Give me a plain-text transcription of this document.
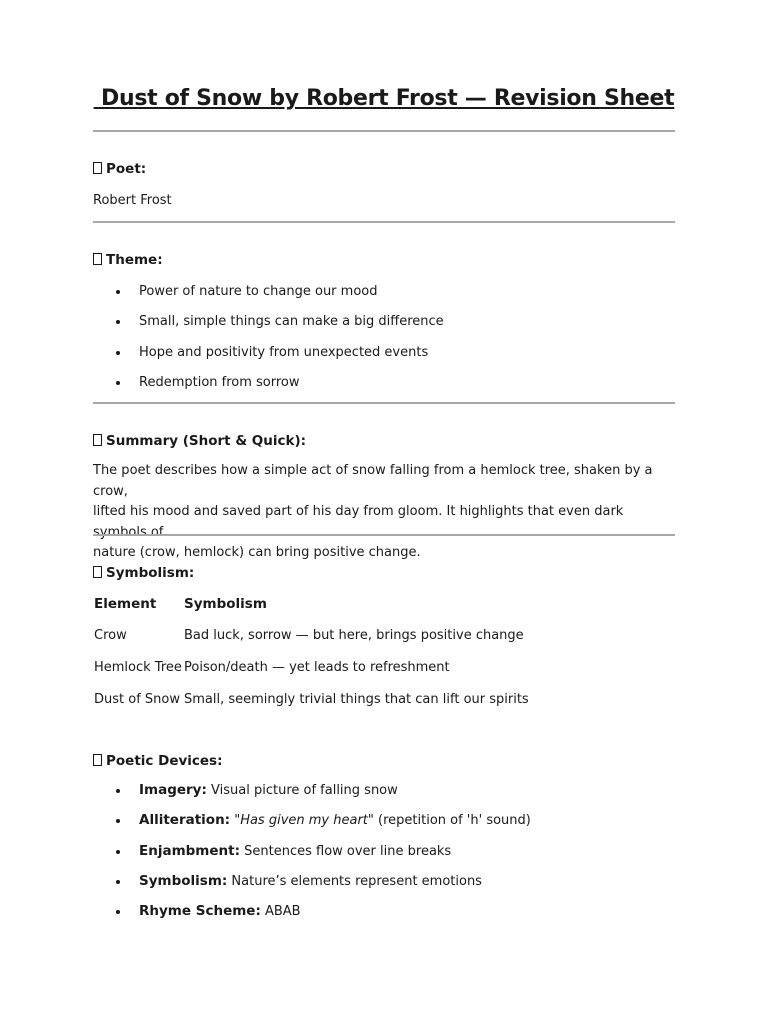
Dust of Snow by Robert Frost — Revision Sheet
Poet:
Robert Frost
Theme:
Power of nature to change our mood
Small, simple things can make a big difference
Hope and positivity from unexpected events
Redemption from sorrow
Summary (Short & Quick):
The poet describes how a simple act of snow falling from a hemlock tree, shaken by a crow,
lifted his mood and saved part of his day from gloom. It highlights that even dark symbols of
nature (crow, hemlock) can bring positive change.
Symbolism:
Element Symbolism
Crow	Bad luck, sorrow — but here, brings positive change
Hemlock Tree Poison/death — yet leads to refreshment
Dust of Snow Small, seemingly trivial things that can lift our spirits
Poetic Devices:
Imagery: Visual picture of falling snow
Alliteration: "Has given my heart" (repetition of 'h' sound)
Enjambment: Sentences flow over line breaks
Symbolism: Nature’s elements represent emotions
Rhyme Scheme: ABAB
